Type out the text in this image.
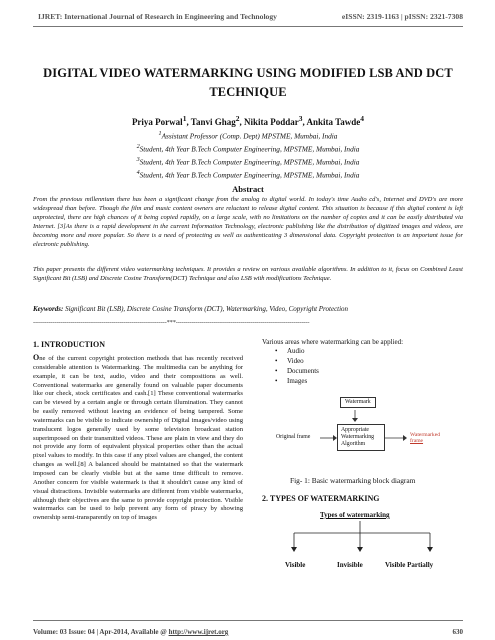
IJRET: International Journal of Research in Engineering and Technology	eISSN: 2319-1163 | pISSN: 2321-7308
DIGITAL VIDEO WATERMARKING USING MODIFIED LSB AND DCT
TECHNIQUE
Priya Porwal$^1$, Tanvi Ghag$^2$, Nikita Poddar$^3$, Ankita Tawde$^4$
$^1$Assistant Professor (Comp. Dept) MPSTME, Mumbai, India
$^2$Student, 4th Year B.Tech Computer Engineering, MPSTME, Mumbai, India
$^3$Student, 4th Year B.Tech Computer Engineering, MPSTME, Mumbai, India
$^4$Student, 4th Year B.Tech Computer Engineering, MPSTME, Mumbai, India
Abstract

From the previous millennium there has been a significant change from the analog to digital world. In today's time Audio cd's, Internet and DVD's are more widespread than before. Though the film and music content owners are reluctant to release digital content. This situation is because if this digital content is left unprotected, there are high chances of it being copied rapidly, on a large scale, with no limitations on the number of copies and it can be easily distributed via Internet. [3]As there is a rapid development in the current Information Technology, electronic publishing like the distribution of digitized images and videos, are becoming more and more popular. So there is a need of protecting as well as authenticating 3 dimensional data. Copyright protection is an important issue for electronic publishing.

This paper presents the different video watermarking techniques. It provides a review on various available algorithms. In addition to it, focus on Combined Least Significant Bit (LSB) and Discrete Cosine Transform(DCT) Technique and also LSB with modifications Technique.

Keywords: Significant Bit (LSB), Discrete Cosine Transform (DCT), Watermarking, Video, Copyright Protection
--------------------------------------------------------------------***--------------------------------------------------------------------
1. INTRODUCTION

One of the current copyright protection methods that has recently received considerable attention is Watermarking. The multimedia can be anything for example, it can be text, audio, video and their compositions as well. Conventional watermarks are generally found on valuable paper documents like our check, stock certificates and cash.[1] These conventional watermarks can be viewed by a certain angle or through certain illumination. They cannot be easily removed without leaving an evidence of being tampered. Some watermarks can be visible to indicate ownership of Digital images/video using translucent logos generally used by some television broadcast station superimposed on their transmitted videos. These are plain in view and they do not provide any form of equivalent physical properties other than the actual pixel values to modify. In this case if any pixel values are changed, the content changes as well.[8] A balanced should be maintained so that the watermark imposed can be clearly visible but at the same time difficult to remove. Another concern for visible watermark is that it shouldn't cause any kind of visual distractions. Invisible watermarks are different from visible watermarks, although their objectives are the same to provide copyright protection. Visible watermarks can be used to help prevent any form of piracy by showing ownership semi-transparently on top of images

Various areas where watermarking can be applied:
• Audio
• Video
• Documents
• Images
Watermark
Original frame
Appropriate
Watermarking
Algorithm
Watermarked
frame
Fig- 1: Basic watermarking block diagram
2. TYPES OF WATERMARKING
Types of watermarking
Visible	Invisible	Visible Partially
Volume: 03 Issue: 04 | Apr-2014, Available @ http://www.ijret.org	630
